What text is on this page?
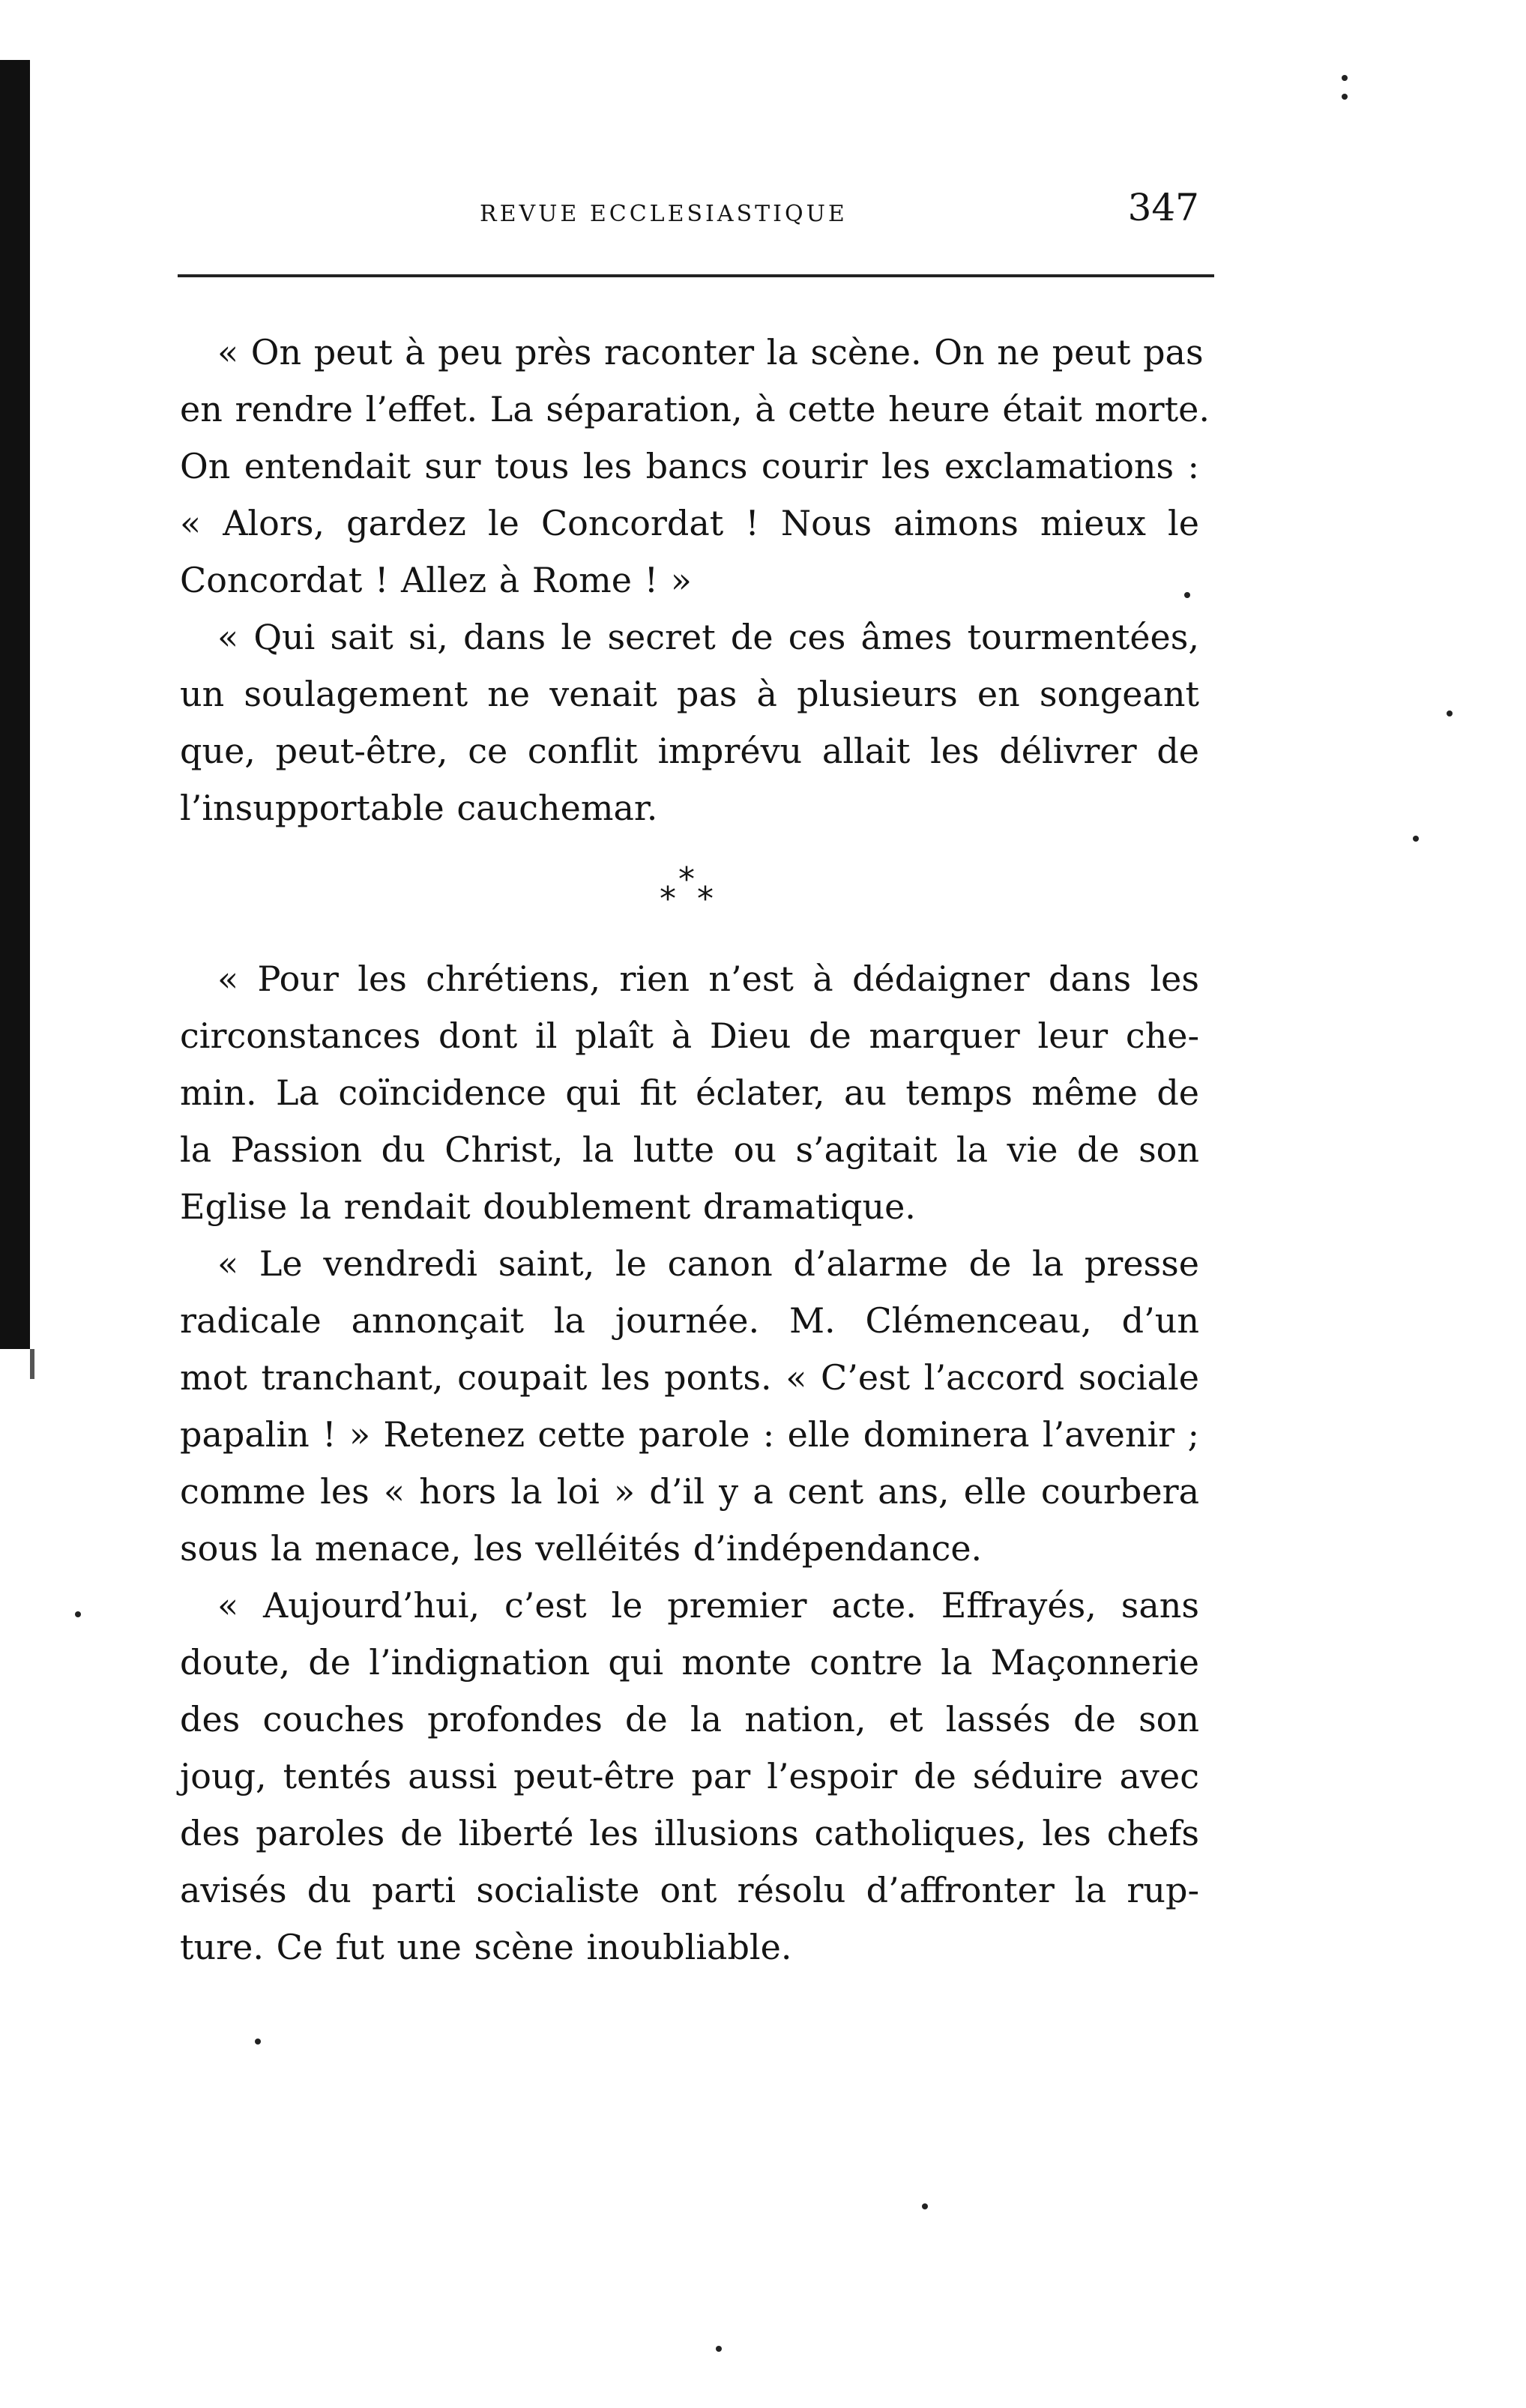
REVUE ECCLESIASTIQUE	347
« On peut à peu près raconter la scène. On ne peut pas
en rendre l’effet. La séparation, à cette heure était morte.
On entendait sur tous les bancs courir les exclamations :
« Alors, gardez le Concordat ! Nous aimons mieux le
Concordat ! Allez à Rome ! »
« Qui sait si, dans le secret de ces âmes tourmentées,
un soulagement ne venait pas à plusieurs en songeant
que, peut-être, ce conflit imprévu allait les délivrer de
l’insupportable cauchemar.
*
* *
« Pour les chrétiens, rien n’est à dédaigner dans les
circonstances dont il plaît à Dieu de marquer leur che-
min. La coïncidence qui fit éclater, au temps même de
la Passion du Christ, la lutte ou s’agitait la vie de son
Eglise la rendait doublement dramatique.
« Le vendredi saint, le canon d’alarme de la presse
radicale annonçait la journée. M. Clémenceau, d’un
mot tranchant, coupait les ponts. « C’est l’accord sociale
papalin ! » Retenez cette parole : elle dominera l’avenir ;
comme les « hors la loi » d’il y a cent ans, elle courbera
sous la menace, les velléités d’indépendance.
« Aujourd’hui, c’est le premier acte. Effrayés, sans
doute, de l’indignation qui monte contre la Maçonnerie
des couches profondes de la nation, et lassés de son
joug, tentés aussi peut-être par l’espoir de séduire avec
des paroles de liberté les illusions catholiques, les chefs
avisés du parti socialiste ont résolu d’affronter la rup-
ture. Ce fut une scène inoubliable.
